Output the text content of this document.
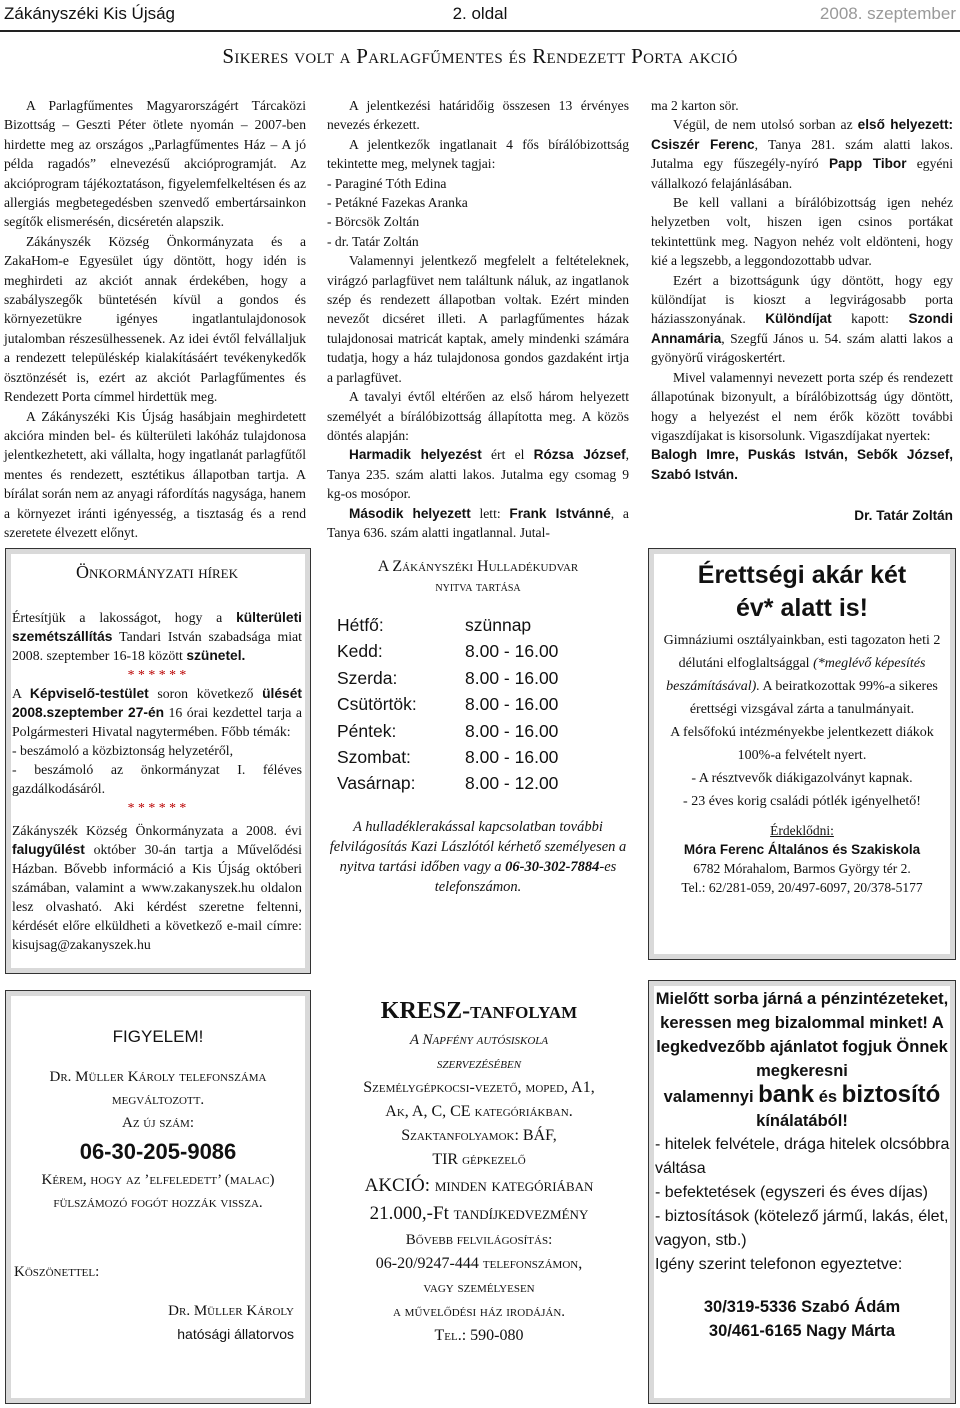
Zákányszéki Kis Újság	2. oldal	2008. szeptember
Sikeres volt a Parlagfűmentes és Rendezett Porta akció

A Parlagfűmentes Magyarországért Tárcaközi Bizottság – Geszti Péter ötlete nyomán – 2007-ben hirdette meg az országos „Parlagfűmentes Ház – A jó példa ragadós” elnevezésű akcióprogramját. Az akcióprogram tájékoztatáson, figyelemfelkeltésen és az allergiás megbetegedésben szenvedő embertársainkon segítők elismerésén, dicséretén alapszik.

Zákányszék Község Önkormányzata és a ZakaHom-e Egyesület úgy döntött, hogy idén is meghirdeti az akciót annak érdekében, hogy a szabályszegők büntetésén kívül a gondos és környezetükre igényes ingatlantulajdonosok jutalomban részesülhessenek. Az idei évtől felvállaljuk a rendezett településkép kialakításáért tevékenykedők ösztönzését is, ezért az akciót Parlagfűmentes és Rendezett Porta címmel hirdettük meg.

A Zákányszéki Kis Újság hasábjain meghirdetett akcióra minden bel- és külterületi lakóház tulajdonosa jelentkezhetett, aki vállalta, hogy ingatlanát parlagfűtől mentes és rendezett, esztétikus állapotban tartja. A bírálat során nem az anyagi ráfordítás nagysága, hanem a környezet iránti igényesség, a tisztaság és a rend szeretete élvezett előnyt.

A jelentkezési határidőig összesen 13 érvényes nevezés érkezett.

A jelentkezők ingatlanait 4 fős bírálóbizottság tekintette meg, melynek tagjai:

- Paraginé Tóth Edina

- Petákné Fazekas Aranka

- Börcsök Zoltán

- dr. Tatár Zoltán

Valamennyi jelentkező megfelelt a feltételeknek, virágzó parlagfüvet nem találtunk náluk, az ingatlanok szép és rendezett állapotban voltak. Ezért minden nevezőt dicséret illeti. A parlagfűmentes házak tulajdonosai matricát kaptak, amely mindenki számára tudatja, hogy a ház tulajdonosa gondos gazdaként irtja a parlagfüvet.

A tavalyi évtől eltérően az első három helyezett személyét a bírálóbizottság állapította meg. A közös döntés alapján:

Harmadik helyezést ért el Rózsa József, Tanya 235. szám alatti lakos. Jutalma egy csomag 9 kg-os mosópor.

Második helyezett lett: Frank Istvánné, a Tanya 636. szám alatti ingatlannal. Jutal-

ma 2 karton sör.

Végül, de nem utolsó sorban az első helyezett: Csiszér Ferenc, Tanya 281. szám alatti lakos. Jutalma egy fűszegély-nyíró Papp Tibor egyéni vállalkozó felajánlásában.

Be kell vallani a bírálóbizottság igen nehéz helyzetben volt, hiszen igen csinos portákat tekintettünk meg. Nagyon nehéz volt eldönteni, hogy kié a legszebb, a leggondozottabb udvar.

Ezért a bizottságunk úgy döntött, hogy egy különdíjat is kioszt a legvirágosabb porta háziasszonyának. Különdíjat kapott: Szondi Annamária, Szegfű János u. 54. szám alatti lakos a gyönyörű virágoskertért.

Mivel valamennyi nevezett porta szép és rendezett állapotúnak bizonyult, a bírálóbizottság úgy döntött, hogy a helyezést el nem érők között további vigaszdíjakat is kisorsolunk. Vigaszdíjakat nyertek:

Balogh Imre, Puskás István, Sebők József, Szabó István.

Dr. Tatár Zoltán

Önkormányzati hírek

Értesítjük a lakosságot, hogy a külterületi szemétszállítás Tandari István szabadsága miat 2008. szeptember 16-18 között szünetel.

* * * * * *

A Képviselő-testület soron következő ülését 2008.szeptember 27-én 16 órai kezdettel tarja a Polgármesteri Hivatal nagytermében. Főbb témák:

- beszámoló a közbiztonság helyzetéről,

- beszámoló az önkormányzat I. féléves gazdálkodásáról.

* * * * * *

Zákányszék Község Önkormányzata a 2008. évi falugyűlést október 30-án tartja a Művelődési Házban. Bővebb információ a Kis Újság októberi számában, valamint a www.zakanyszek.hu oldalon lesz olvasható. Aki kérdést szeretne feltenni, kérdését előre elküldheti a következő e-mail címre: kisujsag@zakanyszek.hu

A Zákányszéki Hulladékudvar
nyitva tartása
Hétfő:	szünnap
Kedd:	8.00 - 16.00
Szerda:	8.00 - 16.00
Csütörtök:	8.00 - 16.00
Péntek:	8.00 - 16.00
Szombat:	8.00 - 16.00
Vasárnap:	8.00 - 12.00

A hulladéklerakással kapcsolatban további felvilágosítás Kazi Lászlótól kérhető személyesen a nyitva tartási időben vagy a 06-30-302-7884-es telefonszámon.

Érettségi akár két
év* alatt is!

Gimnáziumi osztályainkban, esti tagozaton heti 2 délutáni elfoglaltsággal (*meglévő képesítés beszámításával). A beiratkozottak 99%-a sikeres érettségi vizsgával zárta a tanulmányait.

A felsőfokú intézményekbe jelentkezett diákok 100%-a felvételt nyert.

- A résztvevők diákigazolványt kapnak.

- 23 éves korig családi pótlék igényelhető!

Érdeklődni:

Móra Ferenc Általános és Szakiskola

6782 Mórahalom, Barmos György tér 2.

Tel.: 62/281-059, 20/497-6097, 20/378-5177

FIGYELEM!
Dr. Müller Károly telefonszáma
megváltozott.
Az új szám:
06-30-205-9086
Kérem, hogy az ’elfeledett’ (malac)
fülszámozó fogót hozzák vissza.
Köszönettel:
Dr. Müller Károly
hatósági állatorvos
KRESZ-tanfolyam
A Napfény autósiskola
szervezésében
Személygépkocsi-vezető, moped, A1,
Ak, A, C, CE kategóriákban.
Szaktanfolyamok: BÁF,
TIR gépkezelő
AKCIÓ: minden kategóriában
21.000,-Ft tandíjkedvezmény
Bővebb felvilágosítás:
06-20/9247-444 telefonszámon,
vagy személyesen
a művelődési ház irodáján.
Tel.: 590-080

Mielőtt sorba járná a pénzintézeteket, keressen meg bizalommal minket! A legkedvezőbb ajánlatot fogjuk Önnek megkeresni

valamennyi bank és biztosító

kínálatából!

- hitelek felvétele, drága hitelek olcsóbbra váltása

- befektetések (egyszeri és éves díjas)

- biztosítások (kötelező jármű, lakás, élet, vagyon, stb.)

Igény szerint telefonon egyeztetve:

30/319-5336 Szabó Ádám

30/461-6165 Nagy Márta
